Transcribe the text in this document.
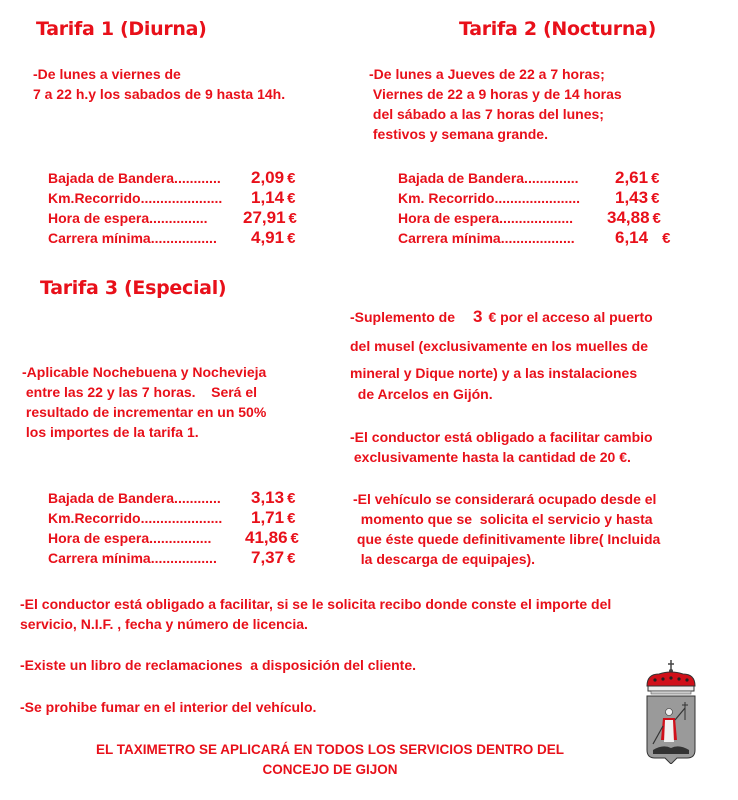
Tarifa 1 (Diurna)
-De lunes a viernes de
7 a 22 h.y los sabados de 9 hasta 14h.
Bajada de Bandera............	2,09 €
Km.Recorrido.....................	1,14 €
Hora de espera...............	27,91 €
Carrera mínima.................	4,91 €
Tarifa 2 (Nocturna)
-De lunes a Jueves de 22 a 7 horas;
Viernes de 22 a 9 horas y de 14 horas
del sábado a las 7 horas del lunes;
festivos y semana grande.
Bajada de Bandera..............	2,61 €
Km. Recorrido......................	1,43 €
Hora de espera...................	34,88 €
Carrera mínima...................	6,14 €
Tarifa 3 (Especial)
-Aplicable Nochebuena y Nochevieja
entre las 22 y las 7 horas.    Será el
resultado de incrementar en un 50%
los importes de la tarifa 1.
Bajada de Bandera............	3,13 €
Km.Recorrido.....................	1,71 €
Hora de espera................	41,86 €
Carrera mínima.................	7,37 €
-Suplemento de 3 € por el acceso al puerto
del musel (exclusivamente en los muelles de
mineral y Dique norte) y a las instalaciones
de Arcelos en Gijón.
-El conductor está obligado a facilitar cambio
exclusivamente hasta la cantidad de 20 €.
-El vehículo se considerará ocupado desde el
momento que se  solicita el servicio y hasta
que éste quede definitivamente libre( Incluida
la descarga de equipajes).
-El conductor está obligado a facilitar, si se le solicita recibo donde conste el importe del
servicio, N.I.F. , fecha y número de licencia.
-Existe un libro de reclamaciones  a disposición del cliente.
-Se prohibe fumar en el interior del vehículo.
EL TAXIMETRO SE APLICARÁ EN TODOS LOS SERVICIOS DENTRO DEL
CONCEJO DE GIJON
